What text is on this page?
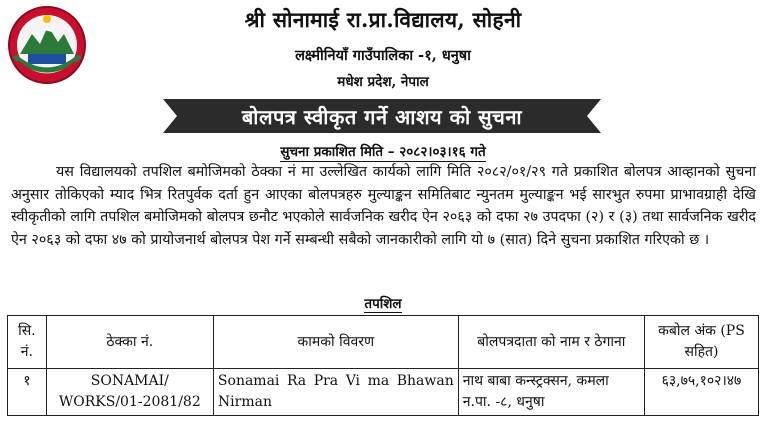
श्री सोनामाई रा.प्रा.विद्यालय, सोहनी
लक्ष्मीनियाँ गाउँपालिका -१, धनुषा
मधेश प्रदेश, नेपाल
बोलपत्र स्वीकृत गर्ने आशय को सुचना
सुचना प्रकाशित मिति – २०८२।०३।१६ गते

यस विद्यालयको तपशिल बमोजिमको ठेक्का नं मा उल्लेखित कार्यको लागि मिति २०८२/०१/२९ गते प्रकाशित बोलपत्र आव्हानको सुचना अनुसार तोकिएको म्याद भित्र रितपुर्वक दर्ता हुन आएका बोलपत्रहरु मुल्याङ्कन समितिबाट न्युनतम मुल्याङ्कन भई सारभुत रुपमा प्राभावग्राही देखि स्वीकृतीको लागि तपशिल बमोजिमको बोलपत्र छनौट भएकोले सार्वजनिक खरीद ऐन २०६३ को दफा २७ उपदफा (२) र (३) तथा सार्वजनिक खरीद ऐन २०६३ को दफा ४७ को प्रायोजनार्थ बोलपत्र पेश गर्ने सम्बन्धी सबैको जानकारीको लागि यो ७ (सात) दिने सुचना प्रकाशित गरिएको छ ।

तपशिल
सि. नं.	ठेक्का नं.	कामको विवरण	बोलपत्रदाता को नाम र ठेगाना	कबोल अंक (PS सहित)
१	SONAMAI/ WORKS/01-2081/82	Sonamai Ra Pra Vi ma Bhawan Nirman	नाथ बाबा कन्स्ट्रक्सन, कमला न.पा. -८, धनुषा	६३,७५,१०२।४७
